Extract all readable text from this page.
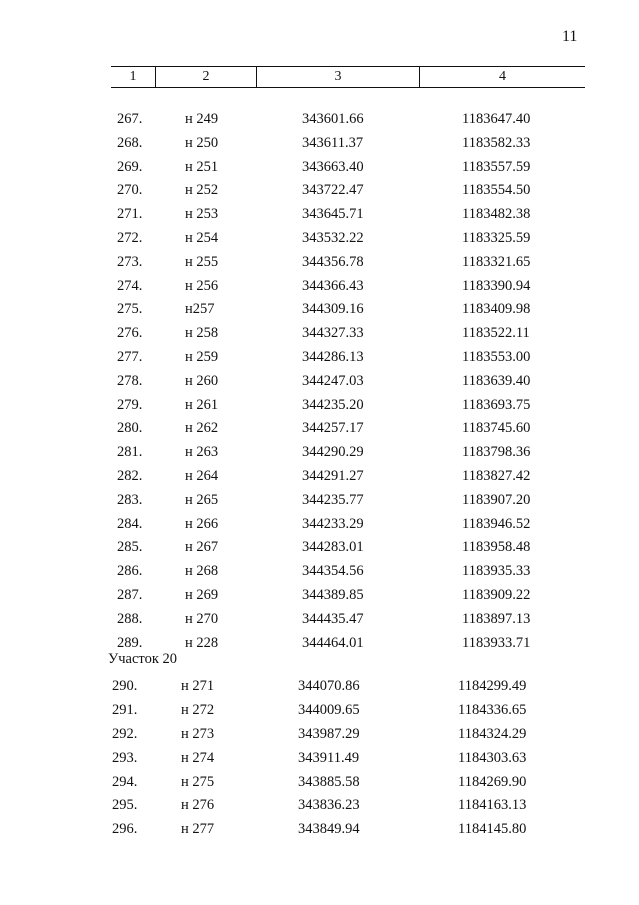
11
1	2	3	4
267.	н 249	343601.66	1183647.40
268.	н 250	343611.37	1183582.33
269.	н 251	343663.40	1183557.59
270.	н 252	343722.47	1183554.50
271.	н 253	343645.71	1183482.38
272.	н 254	343532.22	1183325.59
273.	н 255	344356.78	1183321.65
274.	н 256	344366.43	1183390.94
275.	н257	344309.16	1183409.98
276.	н 258	344327.33	1183522.11
277.	н 259	344286.13	1183553.00
278.	н 260	344247.03	1183639.40
279.	н 261	344235.20	1183693.75
280.	н 262	344257.17	1183745.60
281.	н 263	344290.29	1183798.36
282.	н 264	344291.27	1183827.42
283.	н 265	344235.77	1183907.20
284.	н 266	344233.29	1183946.52
285.	н 267	344283.01	1183958.48
286.	н 268	344354.56	1183935.33
287.	н 269	344389.85	1183909.22
288.	н 270	344435.47	1183897.13
289.	н 228	344464.01	1183933.71
Участок 20
290.	н 271	344070.86	1184299.49
291.	н 272	344009.65	1184336.65
292.	н 273	343987.29	1184324.29
293.	н 274	343911.49	1184303.63
294.	н 275	343885.58	1184269.90
295.	н 276	343836.23	1184163.13
296.	н 277	343849.94	1184145.80
